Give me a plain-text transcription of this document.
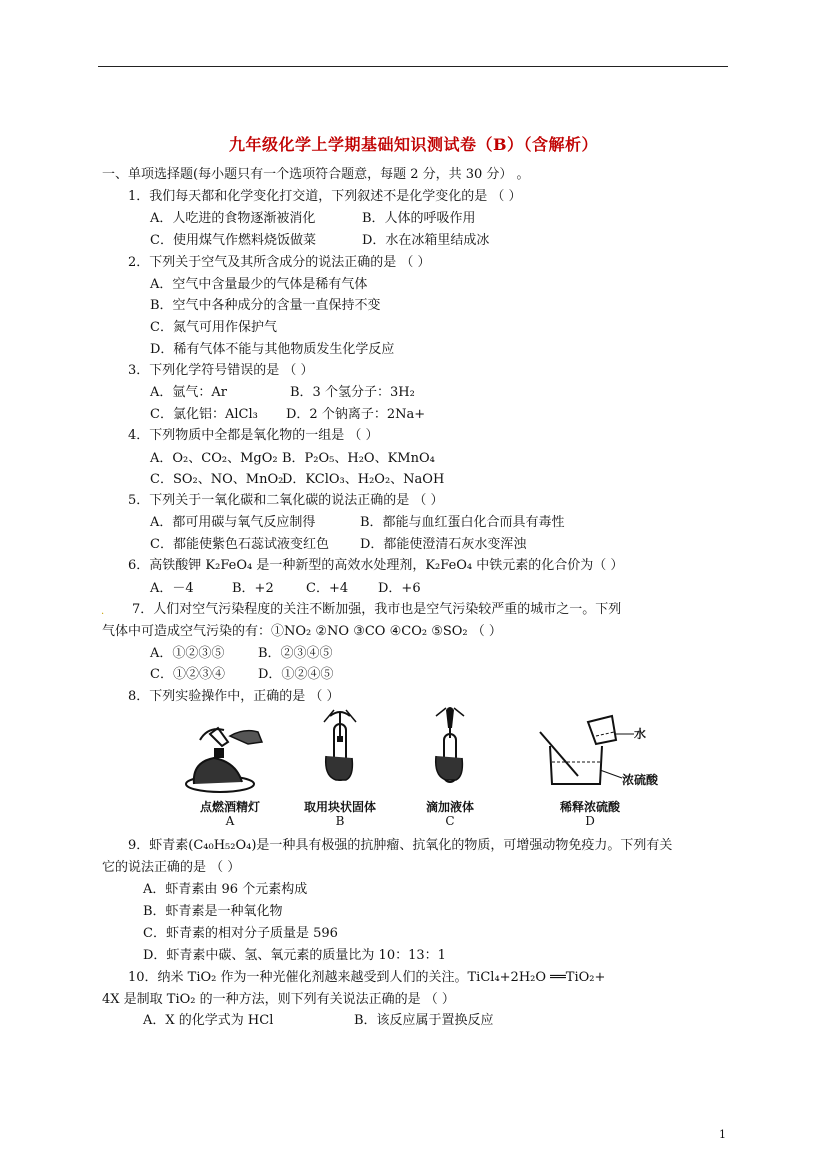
九年级化学上学期基础知识测试卷（B）（含解析）
一、单项选择题(每小题只有一个选项符合题意，每题 2 分，共 30 分） 。
1．我们每天都和化学变化打交道，下列叙述不是化学变化的是 （ ）
A．人吃进的食物逐渐被消化	B．人体的呼吸作用
C．使用煤气作燃料烧饭做菜	D．水在冰箱里结成冰
2．下列关于空气及其所含成分的说法正确的是 （ ）
A．空气中含量最少的气体是稀有气体
B．空气中各种成分的含量一直保持不变
C．氮气可用作保护气
D．稀有气体不能与其他物质发生化学反应
3．下列化学符号错误的是 （ ）
A．氩气：Ar	B．3 个氢分子：3H₂
C．氯化铝：AlCl₃ D．2 个钠离子：2Na+
4．下列物质中全都是氧化物的一组是 （ ）
A．O₂、CO₂、MgO₂ B．P₂O₅、H₂O、KMnO₄
C．SO₂、NO、MnO₂
D．KClO₃、H₂O₂、NaOH
5．下列关于一氧化碳和二氧化碳的说法正确的是 （ ）
A．都可用碳与氧气反应制得	B．都能与血红蛋白化合而具有毒性
C．都能使紫色石蕊试液变红色 D．都能使澄清石灰水变浑浊
6．高铁酸钾 K₂FeO₄ 是一种新型的高效水处理剂，K₂FeO₄ 中铁元素的化合价为（ ）
A．－4	B．+2 C．+4 D．+6
. 7．人们对空气污染程度的关注不断加强，我市也是空气污染较严重的城市之一。下列
气体中可造成空气污染的有：①NO₂ ②NO ③CO ④CO₂ ⑤SO₂ （ ）
A．①②③⑤	B．②③④⑤
C．①②③④	D．①②④⑤
8．下列实验操作中，正确的是 （ ）
点燃酒精灯
A
取用块状固体
B
滴加液体
C
水
浓硫酸
稀释浓硫酸
D
9．虾青素(C₄₀H₅₂O₄)是一种具有极强的抗肿瘤、抗氧化的物质，可增强动物免疫力。下列有关
它的说法正确的是 （ ）
A．虾青素由 96 个元素构成
B．虾青素是一种氧化物
C．虾青素的相对分子质量是 596
D．虾青素中碳、氢、氧元素的质量比为 10：13：1
10．纳米 TiO₂ 作为一种光催化剂越来越受到人们的关注。TiCl₄+2H₂O ══TiO₂+
4X 是制取 TiO₂ 的一种方法，则下列有关说法正确的是 （ ）
A．X 的化学式为 HCl	B．该反应属于置换反应
1
